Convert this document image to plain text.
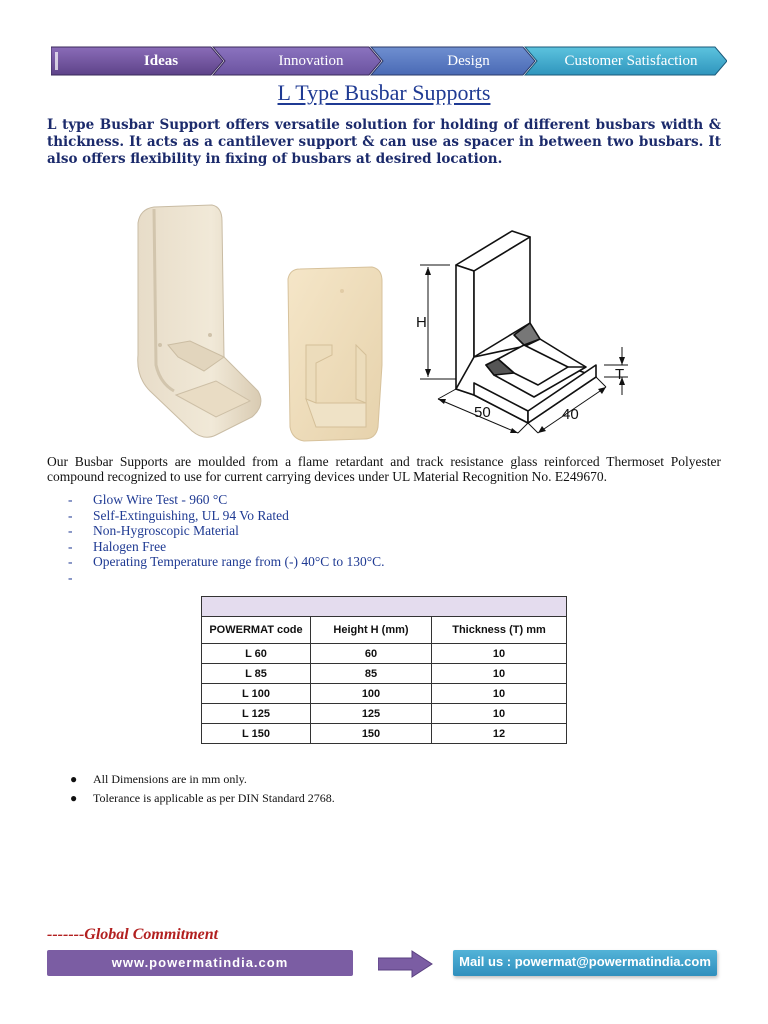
Ideas	Innovation	Design	Customer Satisfaction
L Type Busbar Supports
L type Busbar Support offers versatile solution for holding of different busbars width & thickness. It acts as a cantilever support & can use as spacer in between two busbars. It also offers flexibility in fixing of busbars at desired location.
H
T
50	40
Our Busbar Supports are moulded from a flame retardant and track resistance glass reinforced Thermoset Polyester compound recognized to use for current carrying devices under UL Material Recognition No. E249670.
- Glow Wire Test - 960 °C
- Self-Extinguishing, UL 94 Vo Rated
- Non-Hygroscopic Material
- Halogen Free
- Operating Temperature range from (-) 40°C to 130°C.
-

POWERMAT code	Height H (mm)	Thickness (T) mm
L 60	60	10
L 85	85	10
L 100	100	10
L 125	125	10
L 150	150	12
● All Dimensions are in mm only.
● Tolerance is applicable as per DIN Standard 2768.
-------Global Commitment
www.powermatindia.com	Mail us : powermat@powermatindia.com
